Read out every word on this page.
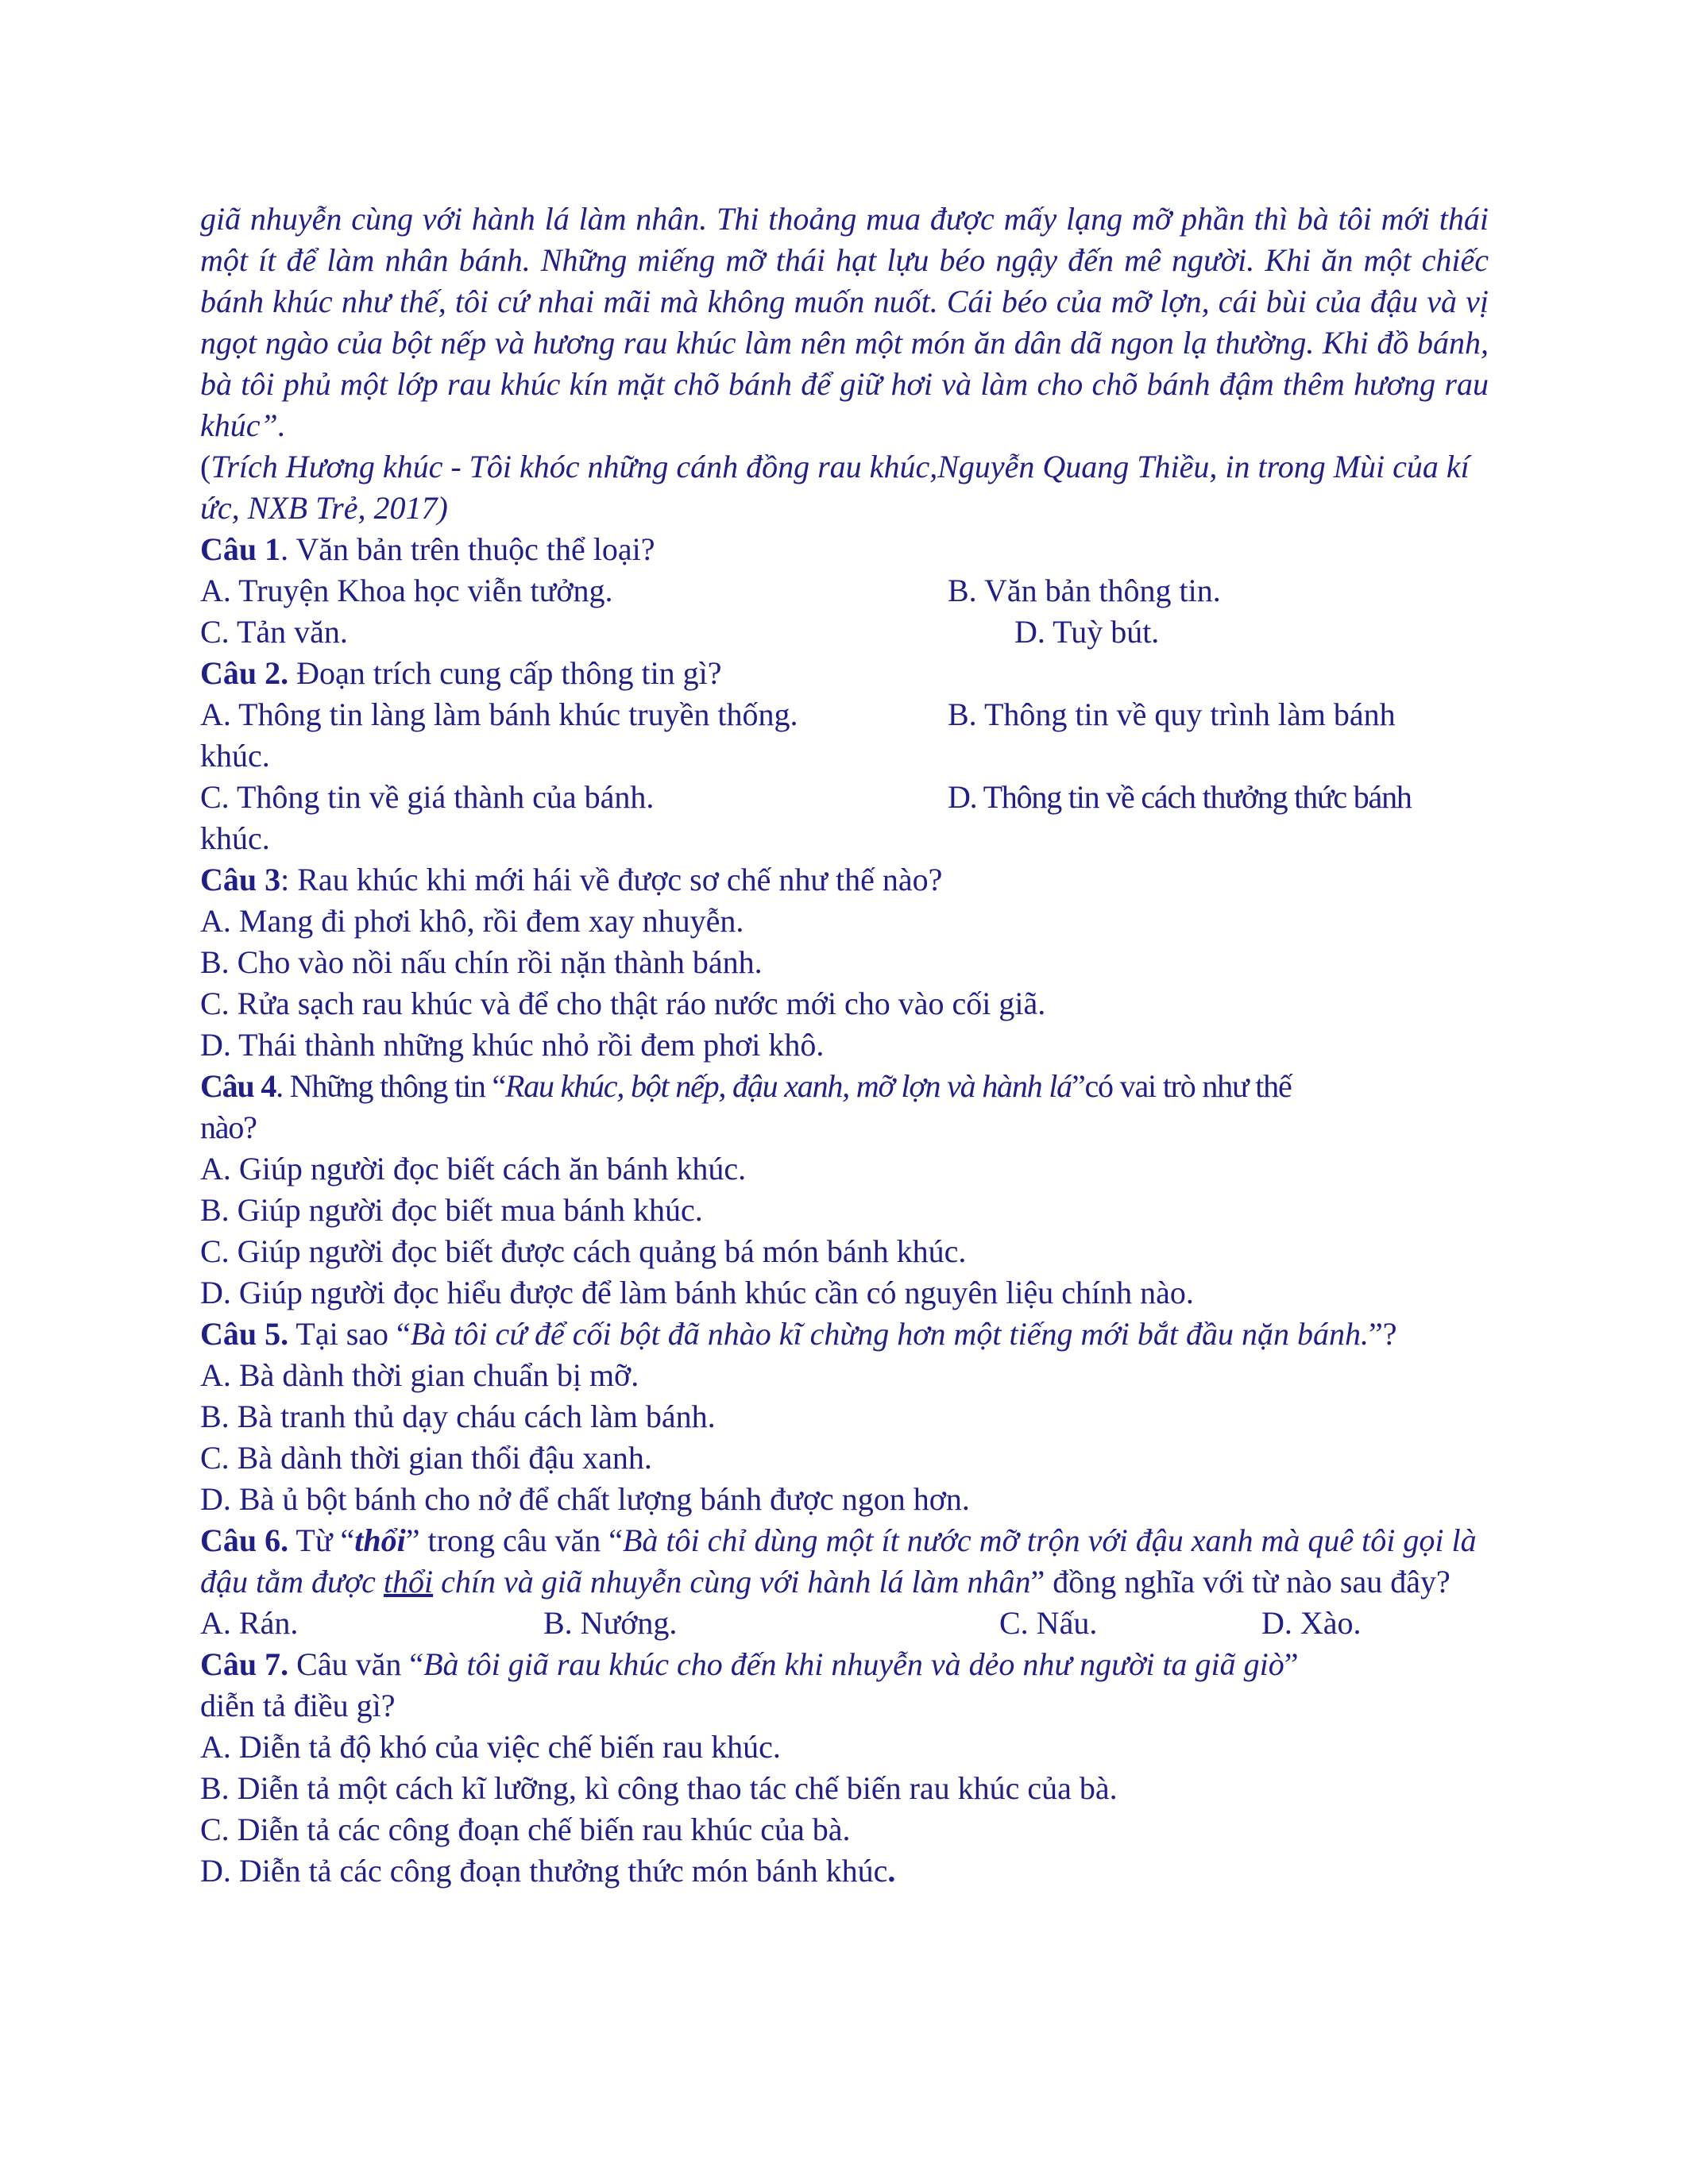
giã nhuyễn cùng với hành lá làm nhân. Thi thoảng mua được mấy lạng mỡ phần thì bà tôi mới thái một ít để làm nhân bánh. Những miếng mỡ thái hạt lựu béo ngậy đến mê người. Khi ăn một chiếc bánh khúc như thế, tôi cứ nhai mãi mà không muốn nuốt. Cái béo của mỡ lợn, cái bùi của đậu và vị ngọt ngào của bột nếp và hương rau khúc làm nên một món ăn dân dã ngon lạ thường. Khi đồ bánh, bà tôi phủ một lớp rau khúc kín mặt chõ bánh để giữ hơi và làm cho chõ bánh đậm thêm hương rau khúc”.

(Trích Hương khúc - Tôi khóc những cánh đồng rau khúc,Nguyễn Quang Thiều, in trong Mùi của kí ức, NXB Trẻ, 2017)

Câu 1. Văn bản trên thuộc thể loại?

A. Truyện Khoa học viễn tưởng.	B. Văn bản thông tin.
C. Tản văn.	D. Tuỳ bút.

Câu 2. Đoạn trích cung cấp thông tin gì?

A. Thông tin làng làm bánh khúc truyền thống.	B. Thông tin về quy trình làm bánh

khúc.

C. Thông tin về giá thành của bánh.	D. Thông tin về cách thưởng thức bánh

khúc.

Câu 3: Rau khúc khi mới hái về được sơ chế như thế nào?

A. Mang đi phơi khô, rồi đem xay nhuyễn.

B. Cho vào nồi nấu chín rồi nặn thành bánh.

C. Rửa sạch rau khúc và để cho thật ráo nước mới cho vào cối giã.

D. Thái thành những khúc nhỏ rồi đem phơi khô.

Câu 4. Những thông tin “Rau khúc, bột nếp, đậu xanh, mỡ lợn và hành lá”có vai trò như thế
nào?

A. Giúp người đọc biết cách ăn bánh khúc.

B. Giúp người đọc biết mua bánh khúc.

C. Giúp người đọc biết được cách quảng bá món bánh khúc.

D. Giúp người đọc hiểu được để làm bánh khúc cần có nguyên liệu chính nào.

Câu 5. Tại sao “Bà tôi cứ để cối bột đã nhào kĩ chừng hơn một tiếng mới bắt đầu nặn bánh.”?

A. Bà dành thời gian chuẩn bị mỡ.

B. Bà tranh thủ dạy cháu cách làm bánh.

C. Bà dành thời gian thổi đậu xanh.

D. Bà ủ bột bánh cho nở để chất lượng bánh được ngon hơn.

Câu 6. Từ “thổi” trong câu văn “Bà tôi chỉ dùng một ít nước mỡ trộn với đậu xanh mà quê tôi gọi là đậu tằm được thổi chín và giã nhuyễn cùng với hành lá làm nhân” đồng nghĩa với từ nào sau đây?

A. Rán.	B. Nướng.	C. Nấu.	D. Xào.

Câu 7. Câu văn “Bà tôi giã rau khúc cho đến khi nhuyễn và dẻo như người ta giã giò”
diễn tả điều gì?

A. Diễn tả độ khó của việc chế biến rau khúc.

B. Diễn tả một cách kĩ lưỡng, kì công thao tác chế biến rau khúc của bà.

C. Diễn tả các công đoạn chế biến rau khúc của bà.

D. Diễn tả các công đoạn thưởng thức món bánh khúc.
